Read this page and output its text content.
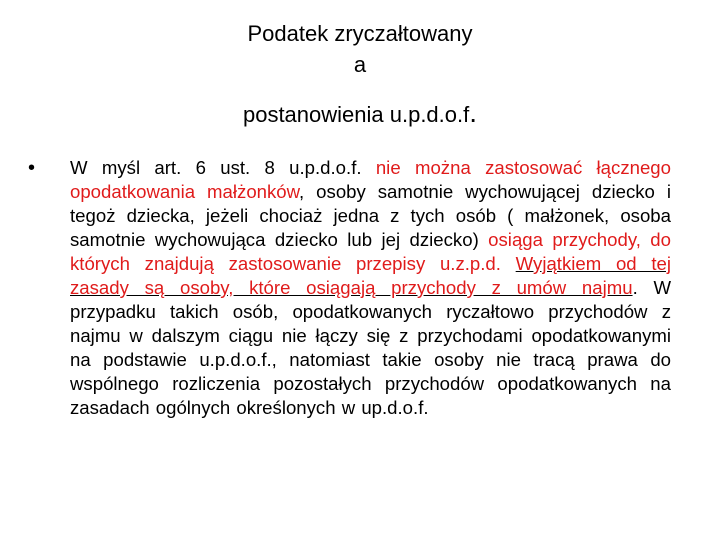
Podatek zryczałtowany
a
postanowienia u.p.d.o.f.
• W myśl art. 6 ust. 8 u.p.d.o.f. nie można zastosować łącznego opodatkowania małżonków, osoby samotnie wychowującej dziecko i tegoż dziecka, jeżeli chociaż jedna z tych osób ( małżonek, osoba samotnie wychowująca dziecko lub jej dziecko) osiąga przychody, do których znajdują zastosowanie przepisy u.z.p.d. Wyjątkiem od tej zasady są osoby, które osiągają przychody z umów najmu. W przypadku takich osób, opodatkowanych ryczałtowo przychodów z najmu w dalszym ciągu nie łączy się z przychodami opodatkowanymi na podstawie u.p.d.o.f., natomiast takie osoby nie tracą prawa do wspólnego rozliczenia pozostałych przychodów opodatkowanych na zasadach ogólnych określonych w up.d.o.f.
